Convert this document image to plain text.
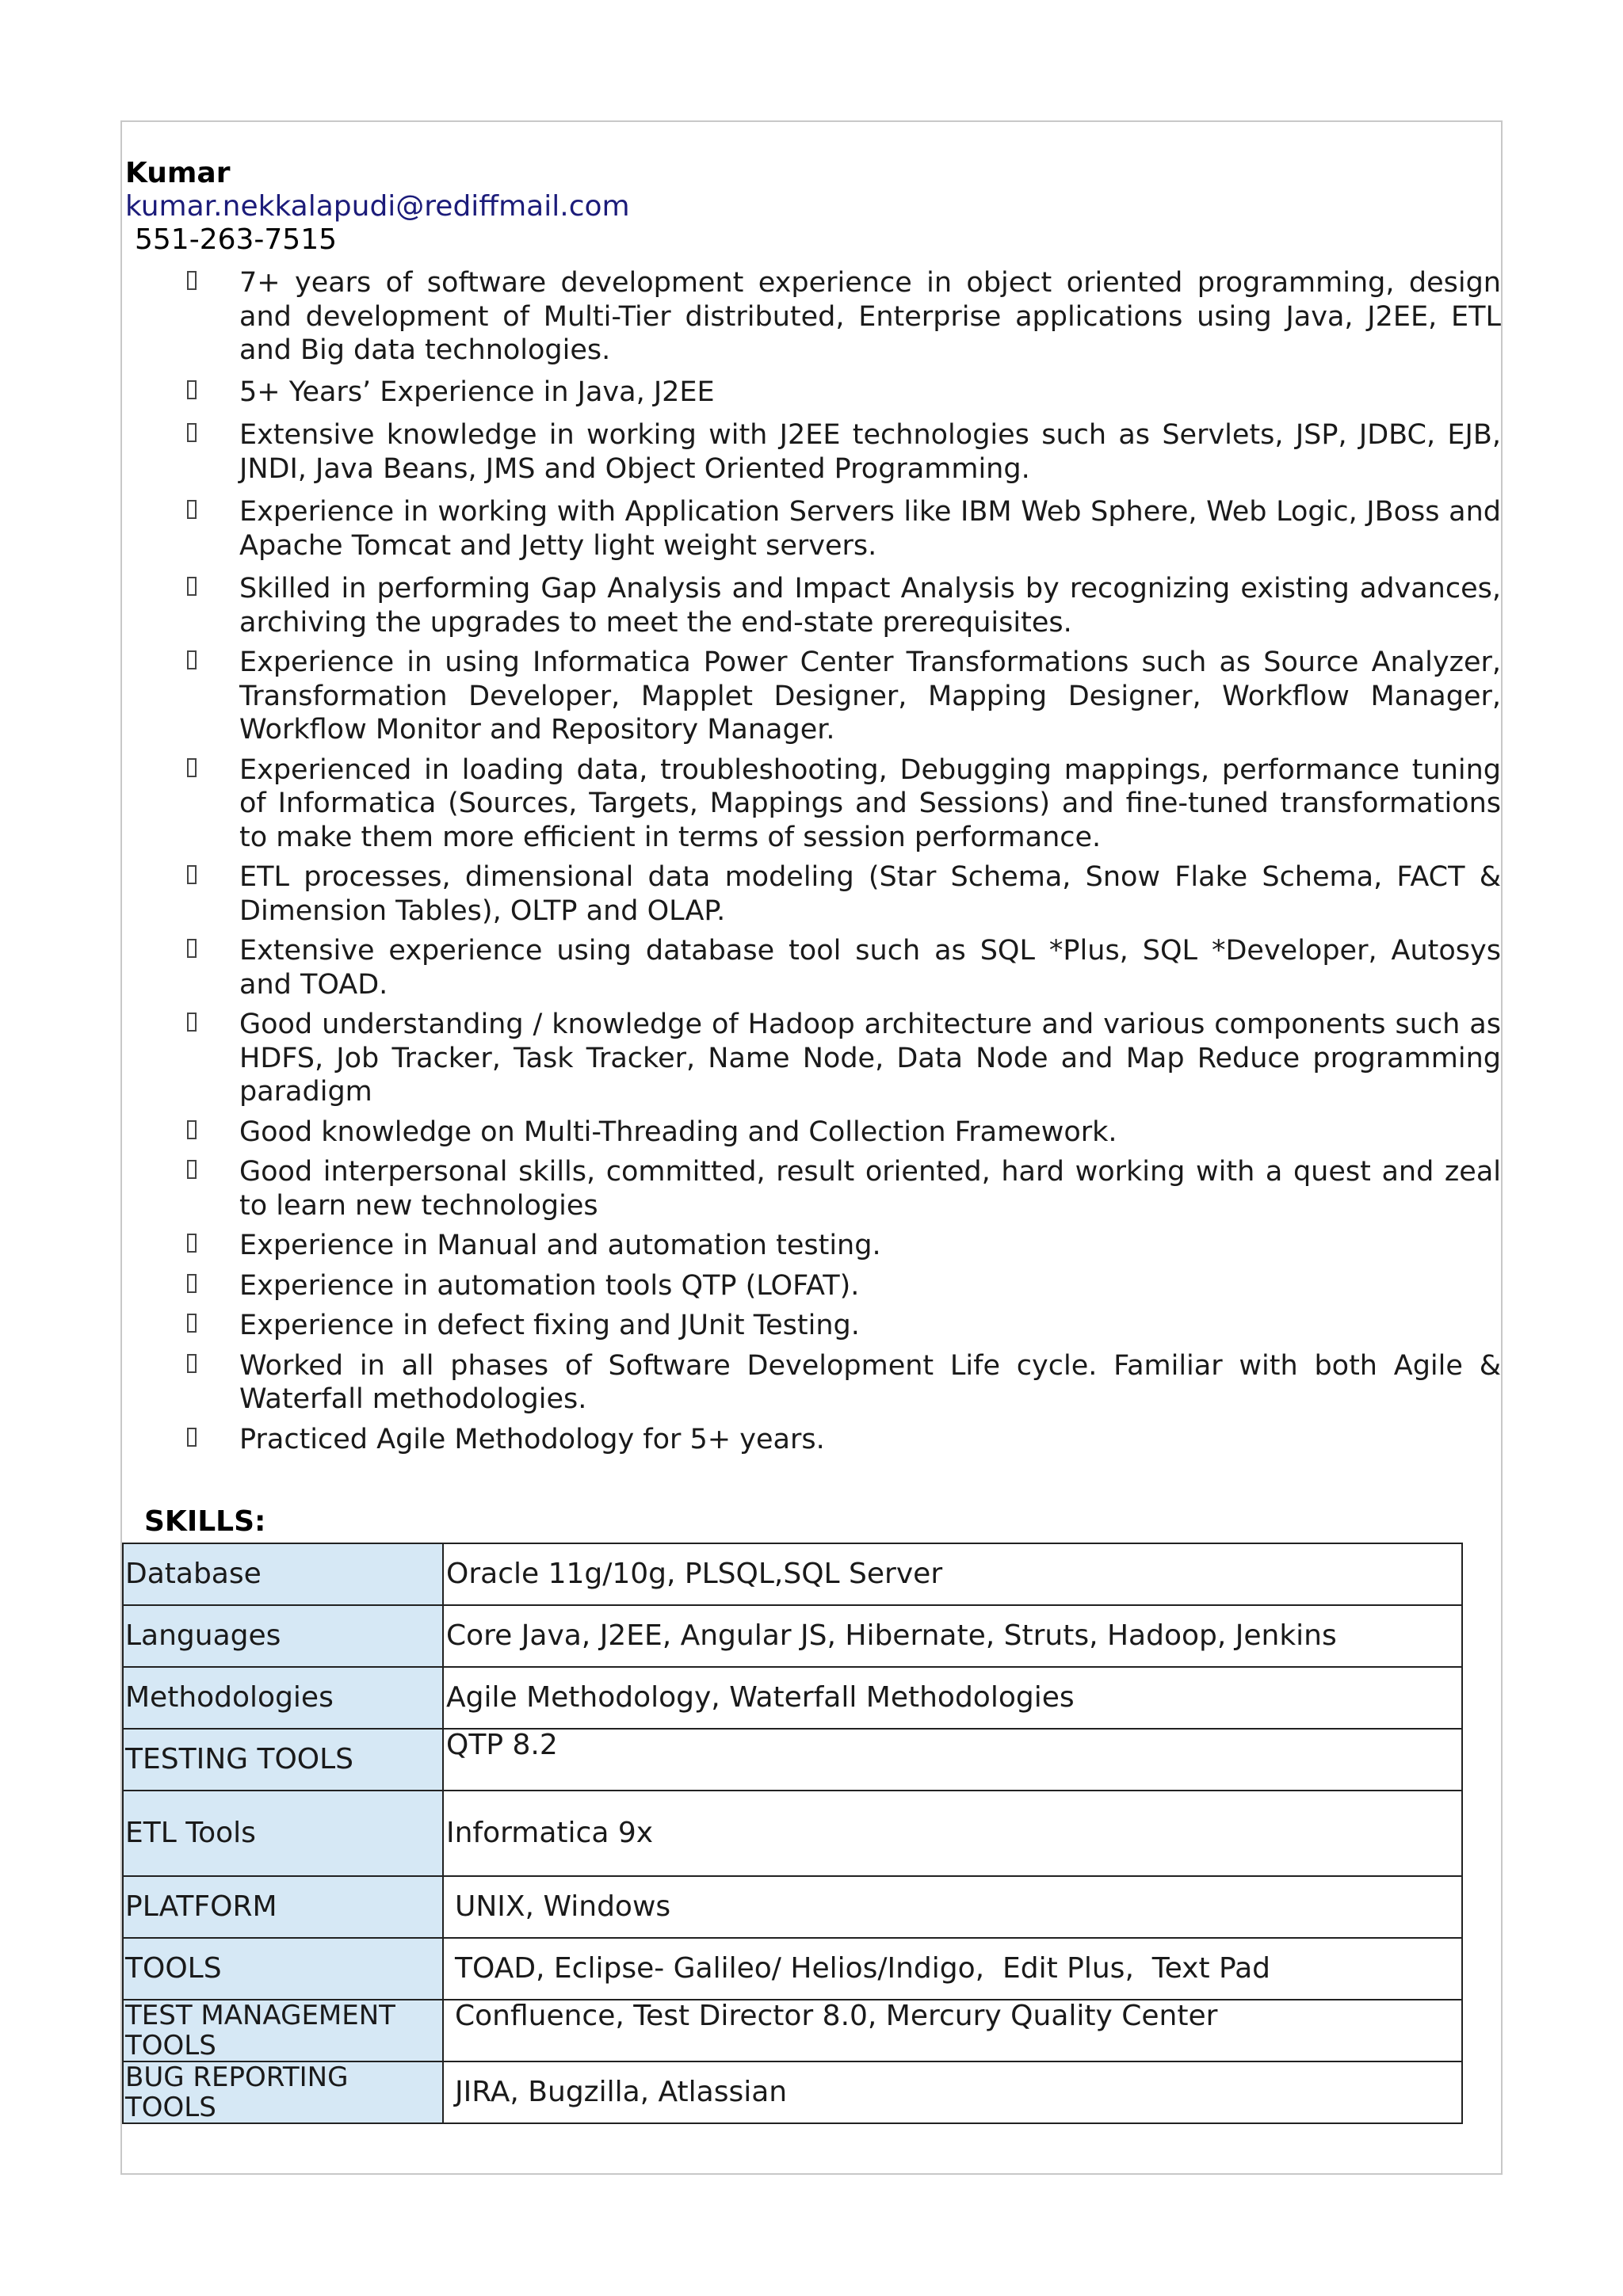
Kumar
kumar.nekkalapudi@rediffmail.com
551-263-7515
7+ years of software development experience in object oriented programming, design and development of Multi-Tier distributed, Enterprise applications using Java, J2EE, ETL and Big data technologies.
5+ Years’ Experience in Java, J2EE
Extensive knowledge in working with J2EE technologies such as Servlets, JSP, JDBC, EJB, JNDI, Java Beans, JMS and Object Oriented Programming.
Experience in working with Application Servers like IBM Web Sphere, Web Logic, JBoss and Apache Tomcat and Jetty light weight servers.
Skilled in performing Gap Analysis and Impact Analysis by recognizing existing advances, archiving the upgrades to meet the end-state prerequisites.
Experience in using Informatica Power Center Transformations such as Source Analyzer, Transformation Developer, Mapplet Designer, Mapping Designer, Workflow Manager, Workflow Monitor and Repository Manager.
Experienced in loading data, troubleshooting, Debugging mappings, performance tuning of Informatica (Sources, Targets, Mappings and Sessions) and fine-tuned transformations to make them more efficient in terms of session performance.
ETL processes, dimensional data modeling (Star Schema, Snow Flake Schema, FACT & Dimension Tables), OLTP and OLAP.
Extensive experience using database tool such as SQL *Plus, SQL *Developer, Autosys and TOAD.
Good understanding / knowledge of Hadoop architecture and various components such as HDFS, Job Tracker, Task Tracker, Name Node, Data Node and Map Reduce programming paradigm
Good knowledge on Multi-Threading and Collection Framework.
Good interpersonal skills, committed, result oriented, hard working with a quest and zeal to learn new technologies
Experience in Manual and automation testing.
Experience in automation tools QTP (LOFAT).
Experience in defect fixing and JUnit Testing.
Worked in all phases of Software Development Life cycle. Familiar with both Agile & Waterfall methodologies.
Practiced Agile Methodology for 5+ years.
SKILLS:
Database	Oracle 11g/10g, PLSQL,SQL Server
Languages	Core Java, J2EE, Angular JS, Hibernate, Struts, Hadoop, Jenkins
Methodologies	Agile Methodology, Waterfall Methodologies
TESTING TOOLS	QTP 8.2
ETL Tools	Informatica 9x
PLATFORM	UNIX, Windows
TOOLS	TOAD, Eclipse- Galileo/ Helios/Indigo,  Edit Plus,  Text Pad
TEST MANAGEMENT TOOLS	Confluence, Test Director 8.0, Mercury Quality Center
BUG REPORTING TOOLS	JIRA, Bugzilla, Atlassian
